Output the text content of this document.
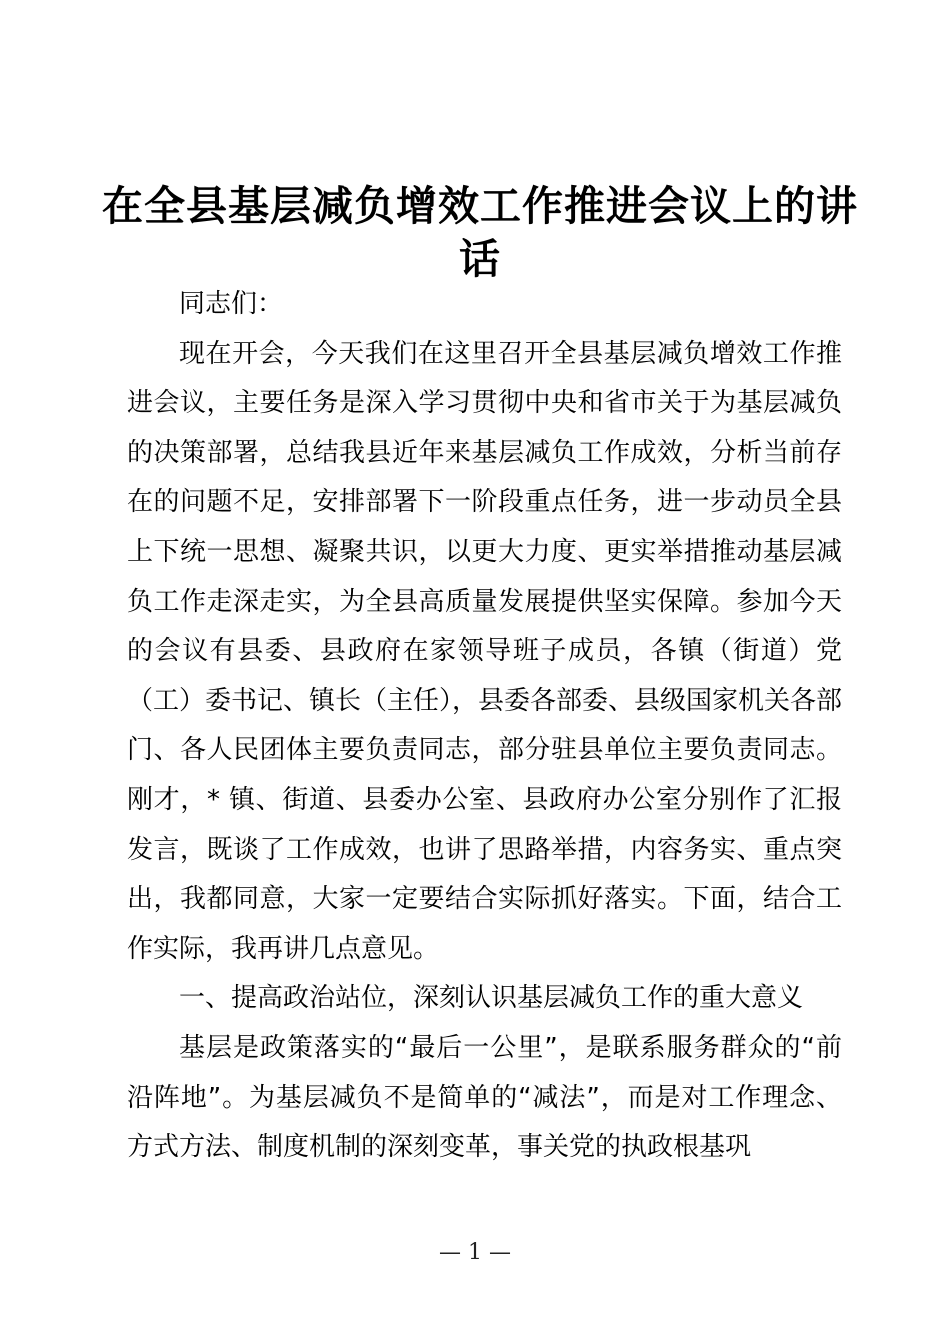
在全县基层减负增效工作推进会议上的讲话

同志们：

现在开会，今天我们在这里召开全县基层减负增效工作推进会议，主要任务是深入学习贯彻中央和省市关于为基层减负的决策部署，总结我县近年来基层减负工作成效，分析当前存在的问题不足，安排部署下一阶段重点任务，进一步动员全县上下统一思想、凝聚共识，以更大力度、更实举措推动基层减负工作走深走实，为全县高质量发展提供坚实保障。参加今天的会议有县委、县政府在家领导班子成员，各镇（街道）党（工）委书记、镇长（主任），县委各部委、县级国家机关各部门、各人民团体主要负责同志，部分驻县单位主要负责同志。刚才，* 镇、街道、县委办公室、县政府办公室分别作了汇报发言，既谈了工作成效，也讲了思路举措，内容务实、重点突出，我都同意，大家一定要结合实际抓好落实。下面，结合工作实际，我再讲几点意见。

一、提高政治站位，深刻认识基层减负工作的重大意义

基层是政策落实的“最后一公里”，是联系服务群众的“前沿阵地”。为基层减负不是简单的“减法”，而是对工作理念、方式方法、制度机制的深刻变革，事关党的执政根基巩

— 1 —
